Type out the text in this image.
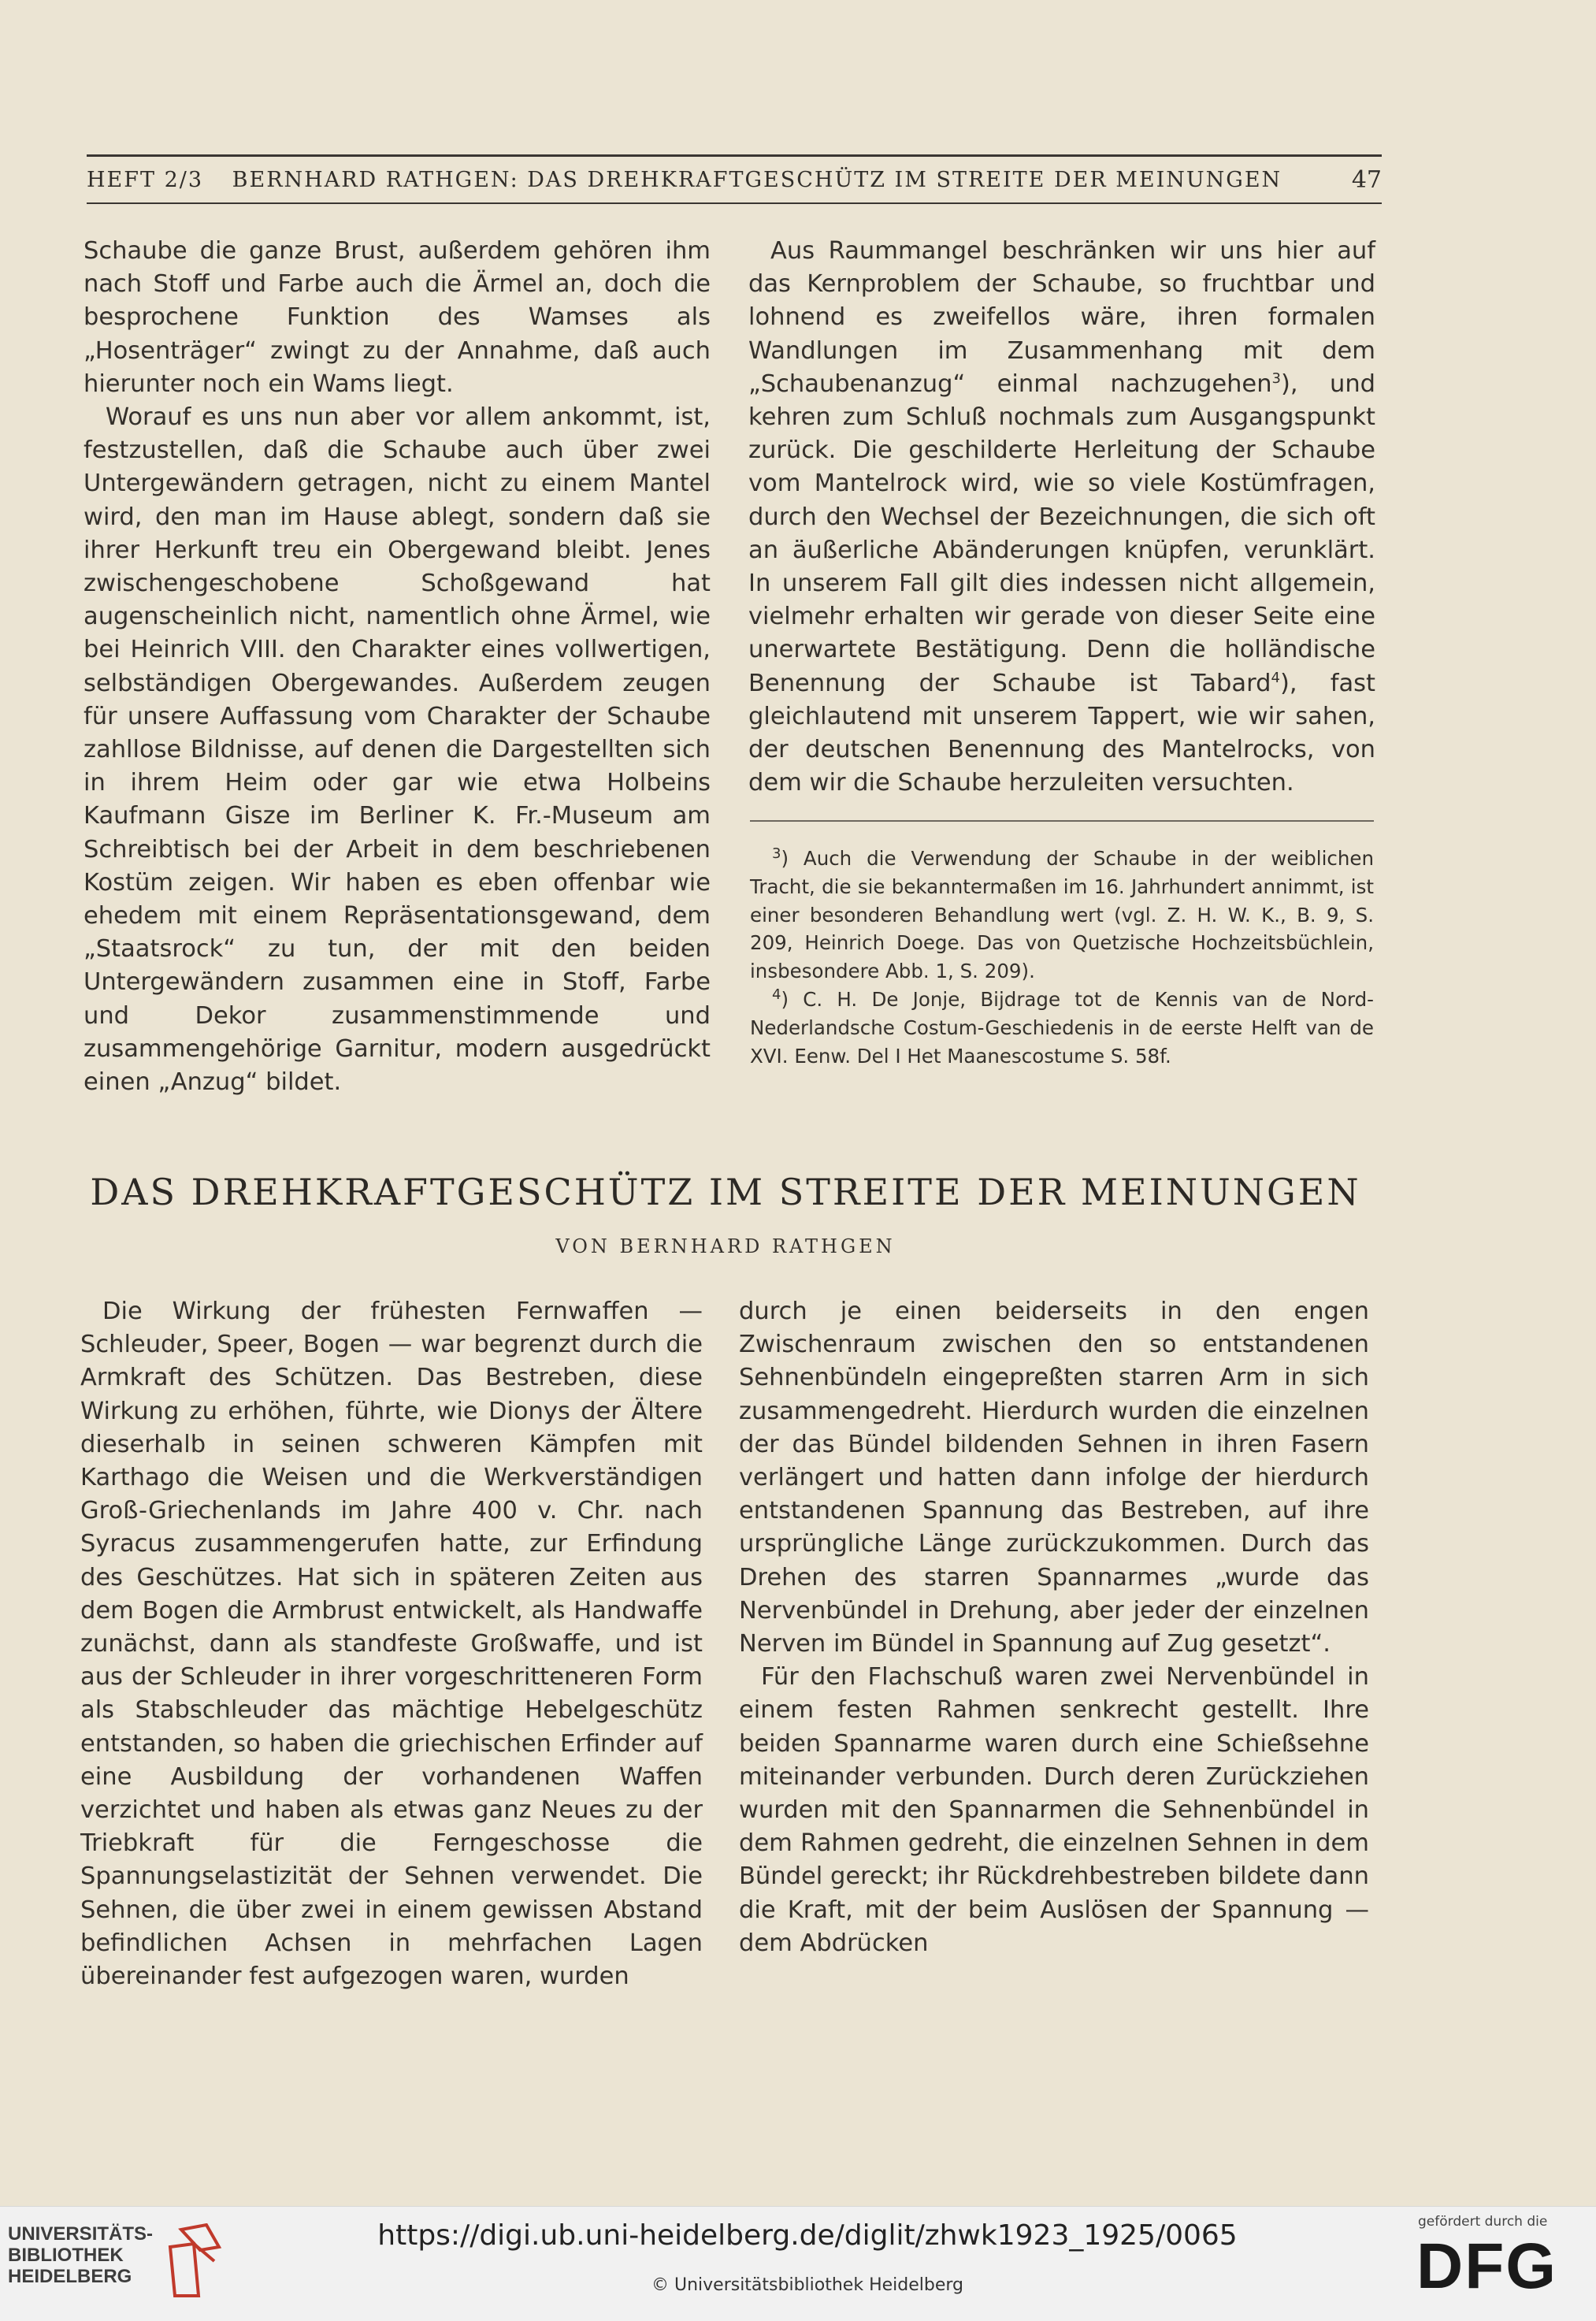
HEFT 2/3 BERNHARD RATHGEN: DAS DREHKRAFTGESCHÜTZ IM STREITE DER MEINUNGEN	47

Schaube die ganze Brust, außerdem gehören ihm nach Stoff und Farbe auch die Ärmel an, doch die besprochene Funktion des Wamses als „Hosenträger“ zwingt zu der Annahme, daß auch hierunter noch ein Wams liegt.

Worauf es uns nun aber vor allem ankommt, ist, festzustellen, daß die Schaube auch über zwei Untergewändern getragen, nicht zu einem Mantel wird, den man im Hause ablegt, sondern daß sie ihrer Herkunft treu ein Obergewand bleibt. Jenes zwischengeschobene Schoßgewand hat augenscheinlich nicht, namentlich ohne Ärmel, wie bei Heinrich VIII. den Charakter eines vollwertigen, selbständigen Obergewandes. Außerdem zeugen für unsere Auffassung vom Charakter der Schaube zahllose Bildnisse, auf denen die Dargestellten sich in ihrem Heim oder gar wie etwa Holbeins Kaufmann Gisze im Berliner K. Fr.-Museum am Schreibtisch bei der Arbeit in dem beschriebenen Kostüm zeigen. Wir haben es eben offenbar wie ehedem mit einem Repräsentationsgewand, dem „Staatsrock“ zu tun, der mit den beiden Untergewändern zusammen eine in Stoff, Farbe und Dekor zusammenstimmende und zusammengehörige Garnitur, modern ausgedrückt einen „Anzug“ bildet.

Aus Raummangel beschränken wir uns hier auf das Kernproblem der Schaube, so fruchtbar und lohnend es zweifellos wäre, ihren formalen Wandlungen im Zusammenhang mit dem „Schaubenanzug“ einmal nachzugehen$^3$), und kehren zum Schluß nochmals zum Ausgangspunkt zurück. Die geschilderte Herleitung der Schaube vom Mantelrock wird, wie so viele Kostümfragen, durch den Wechsel der Bezeichnungen, die sich oft an äußerliche Abänderungen knüpfen, verunklärt. In unserem Fall gilt dies indessen nicht allgemein, vielmehr erhalten wir gerade von dieser Seite eine unerwartete Bestätigung. Denn die holländische Benennung der Schaube ist Tabard$^4$), fast gleichlautend mit unserem Tappert, wie wir sahen, der deutschen Benennung des Mantelrocks, von dem wir die Schaube herzuleiten versuchten.

$^3$) Auch die Verwendung der Schaube in der weiblichen Tracht, die sie bekanntermaßen im 16. Jahrhundert annimmt, ist einer besonderen Behandlung wert (vgl. Z. H. W. K., B. 9, S. 209, Heinrich Doege. Das von Quetzische Hochzeitsbüchlein, insbesondere Abb. 1, S. 209).

$^4$) C. H. De Jonje, Bijdrage tot de Kennis van de Nord-Nederlandsche Costum-Geschiedenis in de eerste Helft van de XVI. Eenw. Del I Het Maanescostume S. 58f.

DAS DREHKRAFTGESCHÜTZ IM STREITE DER MEINUNGEN
VON BERNHARD RATHGEN

Die Wirkung der frühesten Fernwaffen — Schleuder, Speer, Bogen — war begrenzt durch die Armkraft des Schützen. Das Bestreben, diese Wirkung zu erhöhen, führte, wie Dionys der Ältere dieserhalb in seinen schweren Kämpfen mit Karthago die Weisen und die Werkverständigen Groß-Griechenlands im Jahre 400 v. Chr. nach Syracus zusammengerufen hatte, zur Erfindung des Geschützes. Hat sich in späteren Zeiten aus dem Bogen die Armbrust entwickelt, als Handwaffe zunächst, dann als standfeste Großwaffe, und ist aus der Schleuder in ihrer vorgeschritteneren Form als Stabschleuder das mächtige Hebelgeschütz entstanden, so haben die griechischen Erfinder auf eine Ausbildung der vorhandenen Waffen verzichtet und haben als etwas ganz Neues zu der Triebkraft für die Ferngeschosse die Spannungselastizität der Sehnen verwendet. Die Sehnen, die über zwei in einem gewissen Abstand befindlichen Achsen in mehrfachen Lagen übereinander fest aufgezogen waren, wurden

durch je einen beiderseits in den engen Zwischenraum zwischen den so entstandenen Sehnenbündeln eingepreßten starren Arm in sich zusammengedreht. Hierdurch wurden die einzelnen der das Bündel bildenden Sehnen in ihren Fasern verlängert und hatten dann infolge der hierdurch entstandenen Spannung das Bestreben, auf ihre ursprüngliche Länge zurückzukommen. Durch das Drehen des starren Spannarmes „wurde das Nervenbündel in Drehung, aber jeder der einzelnen Nerven im Bündel in Spannung auf Zug gesetzt“.

Für den Flachschuß waren zwei Nervenbündel in einem festen Rahmen senkrecht gestellt. Ihre beiden Spannarme waren durch eine Schießsehne miteinander verbunden. Durch deren Zurückziehen wurden mit den Spannarmen die Sehnenbündel in dem Rahmen gedreht, die einzelnen Sehnen in dem Bündel gereckt; ihr Rückdrehbestreben bildete dann die Kraft, mit der beim Auslösen der Spannung — dem Abdrücken

UNIVERSITÄTS-
BIBLIOTHEK
HEIDELBERG
https://digi.ub.uni-heidelberg.de/diglit/zhwk1923_1925/0065
© Universitätsbibliothek Heidelberg
gefördert durch die
DFG
